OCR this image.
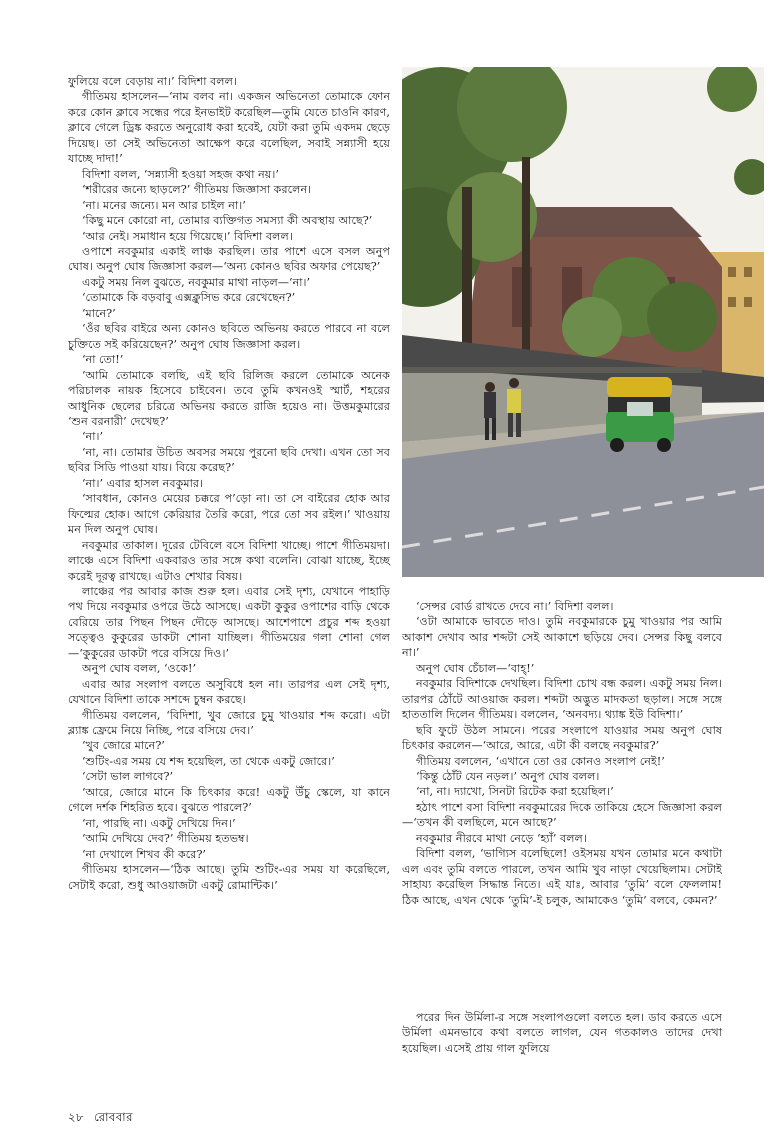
ফুলিয়ে বলে বেড়ায় না।’ বিদিশা বলল।

গীতিময় হাসলেন—‘নাম বলব না। একজন অভিনেতা তোমাকে ফোন করে কোন ক্লাবে সন্ধের পরে ইনভাইট করেছিল—তুমি যেতে চাওনি কারণ, ক্লাবে গেলে ড্রিঙ্ক করতে অনুরোধ করা হবেই, যেটা করা তুমি একদম ছেড়ে দিয়েছ। তা সেই অভিনেতা আক্ষেপ করে বলেছিল, সবাই সন্ন্যাসী হয়ে যাচ্ছে দাদা!’

বিদিশা বলল, ‘সন্ন্যাসী হওয়া সহজ কথা নয়।’

‘শরীরের জন্যে ছাড়লে?’ গীতিময় জিজ্ঞাসা করলেন।

‘না। মনের জন্যে। মন আর চাইল না।’

‘কিছু মনে কোরো না, তোমার ব্যক্তিগত সমস্যা কী অবস্থায় আছে?’

‘আর নেই। সমাধান হয়ে গিয়েছে।’ বিদিশা বলল।

ওপাশে নবকুমার একাই লাঞ্চ করছিল। তার পাশে এসে বসল অনুপ ঘোষ। অনুপ ঘোষ জিজ্ঞাসা করল—‘অন্য কোনও ছবির অফার পেয়েছ?’

একটু সময় নিল বুঝতে, নবকুমার মাথা নাড়ল—‘না।’

‘তোমাকে কি বড়বাবু এক্সক্লুসিভ করে রেখেছেন?’

‘মানে?’

‘ওঁর ছবির বাইরে অন্য কোনও ছবিতে অভিনয় করতে পারবে না বলে চুক্তিতে সই করিয়েছেন?’ অনুপ ঘোষ জিজ্ঞাসা করল।

‘না তো!’

‘আমি তোমাকে বলছি, এই ছবি রিলিজ করলে তোমাকে অনেক পরিচালক নায়ক হিসেবে চাইবেন। তবে তুমি কখনওই স্মার্ট, শহরের আধুনিক ছেলের চরিত্রে অভিনয় করতে রাজি হয়েও না। উত্তমকুমারের ‘শুন বরনারী’ দেখেছ?’

‘না।’

‘না, না। তোমার উচিত অবসর সময়ে পুরনো ছবি দেখা। এখন তো সব ছবির সিডি পাওয়া যায়। বিয়ে করেছ?’

‘না।’ এবার হাসল নবকুমার।

‘সাবধান, কোনও মেয়ের চক্করে প’ড়ো না। তা সে বাইরের হোক আর ফিল্মের হোক। আগে কেরিয়ার তৈরি করো, পরে তো সব রইল।’ খাওয়ায় মন দিল অনুপ ঘোষ।

নবকুমার তাকাল। দূরের টেবিলে বসে বিদিশা খাচ্ছে। পাশে গীতিময়দা। লাঞ্চে এসে বিদিশা একবারও তার সঙ্গে কথা বলেনি। বোঝা যাচ্ছে, ইচ্ছে করেই দূরত্ব রাখছে। এটাও শেখার বিষয়।

লাঞ্চের পর আবার কাজ শুরু হল। এবার সেই দৃশ্য, যেখানে পাহাড়ি পথ দিয়ে নবকুমার ওপরে উঠে আসছে। একটা কুকুর ওপাশের বাড়ি থেকে বেরিয়ে তার পিছন পিছন দৌড়ে আসছে। আশেপাশে প্রচুর শব্দ হওয়া সত্ত্বেও কুকুরের ডাকটা শোনা যাচ্ছিল। গীতিময়ের গলা শোনা গেল—‘কুকুরের ডাকটা পরে বসিয়ে দিও।’

অনুপ ঘোষ বলল, ‘ওকে!’

এবার আর সংলাপ বলতে অসুবিধে হল না। তারপর এল সেই দৃশ্য, যেখানে বিদিশা তাকে সশব্দে চুম্বন করছে।

গীতিময় বললেন, ‘বিদিশা, খুব জোরে চুমু খাওয়ার শব্দ করো। এটা ব্ল্যাঙ্ক ফ্রেমে নিয়ে নিচ্ছি, পরে বসিয়ে দেব।’

‘খুব জোরে মানে?’

‘শুটিং-এর সময় যে শব্দ হয়েছিল, তা থেকে একটু জোরে।’

‘সেটা ভাল লাগবে?’

‘আরে, জোরে মানে কি চিৎকার করে! একটু উঁচু স্কেলে, যা কানে গেলে দর্শক শিহরিত হবে। বুঝতে পারলে?’

‘না, পারছি না। একটু দেখিয়ে দিন।’

‘আমি দেখিয়ে দেব?’ গীতিময় হতভম্ব।

‘না দেখালে শিখব কী করে?’

গীতিময় হাসলেন—‘ঠিক আছে। তুমি শুটিং-এর সময় যা করেছিলে, সেটাই করো, শুধু আওয়াজটা একটু রোমান্টিক।’

‘সেন্সর বোর্ড রাখতে দেবে না।’ বিদিশা বলল।

‘ওটা আমাকে ভাবতে দাও। তুমি নবকুমারকে চুমু খাওয়ার পর আমি আকাশ দেখাব আর শব্দটা সেই আকাশে ছড়িয়ে দেব। সেন্সর কিছু বলবে না।’

অনুপ ঘোষ চেঁচাল—‘বাহ্!’

নবকুমার বিদিশাকে দেখছিল। বিদিশা চোখ বন্ধ করল। একটু সময় নিল। তারপর ঠোঁটে আওয়াজ করল। শব্দটা অদ্ভুত মাদকতা ছড়াল। সঙ্গে সঙ্গে হাততালি দিলেন গীতিময়। বললেন, ‘অনবদ্য। থ্যাঙ্ক ইউ বিদিশা।’

ছবি ফুটে উঠল সামনে। পরের সংলাপে যাওয়ার সময় অনুপ ঘোষ চিৎকার করলেন—‘আরে, আরে, এটা কী বলছে নবকুমার?’

গীতিময় বললেন, ‘এখানে তো ওর কোনও সংলাপ নেই!’

‘কিন্তু ঠোঁট যেন নড়ল।’ অনুপ ঘোষ বলল।

‘না, না। দ্যাখো, সিনটা রিটেক করা হয়েছিল।’

হঠাৎ পাশে বসা বিদিশা নবকুমারের দিকে তাকিয়ে হেসে জিজ্ঞাসা করল—‘তখন কী বলছিলে, মনে আছে?’

নবকুমার নীরবে মাথা নেড়ে ‘হ্যাঁ’ বলল।

বিদিশা বলল, ‘ভাগ্যিস বলেছিলে! ওইসময় যখন তোমার মনে কথাটা এল এবং তুমি বলতে পারলে, তখন আমি খুব নাড়া খেয়েছিলাম। সেটাই সাহায্য করেছিল সিদ্ধান্ত নিতে। এই যাঃ, আবার ‘তুমি’ বলে ফেললাম! ঠিক আছে, এখন থেকে ‘তুমি’-ই চলুক, আমাকেও ‘তুমি’ বলবে, কেমন?’

পরের দিন উর্মিলা-র সঙ্গে সংলাপগুলো বলতে হল। ডাব করতে এসে উর্মিলা এমনভাবে কথা বলতে লাগল, যেন গতকালও তাদের দেখা হয়েছিল। এসেই প্রায় গাল ফুলিয়ে

২৮ রোববার
